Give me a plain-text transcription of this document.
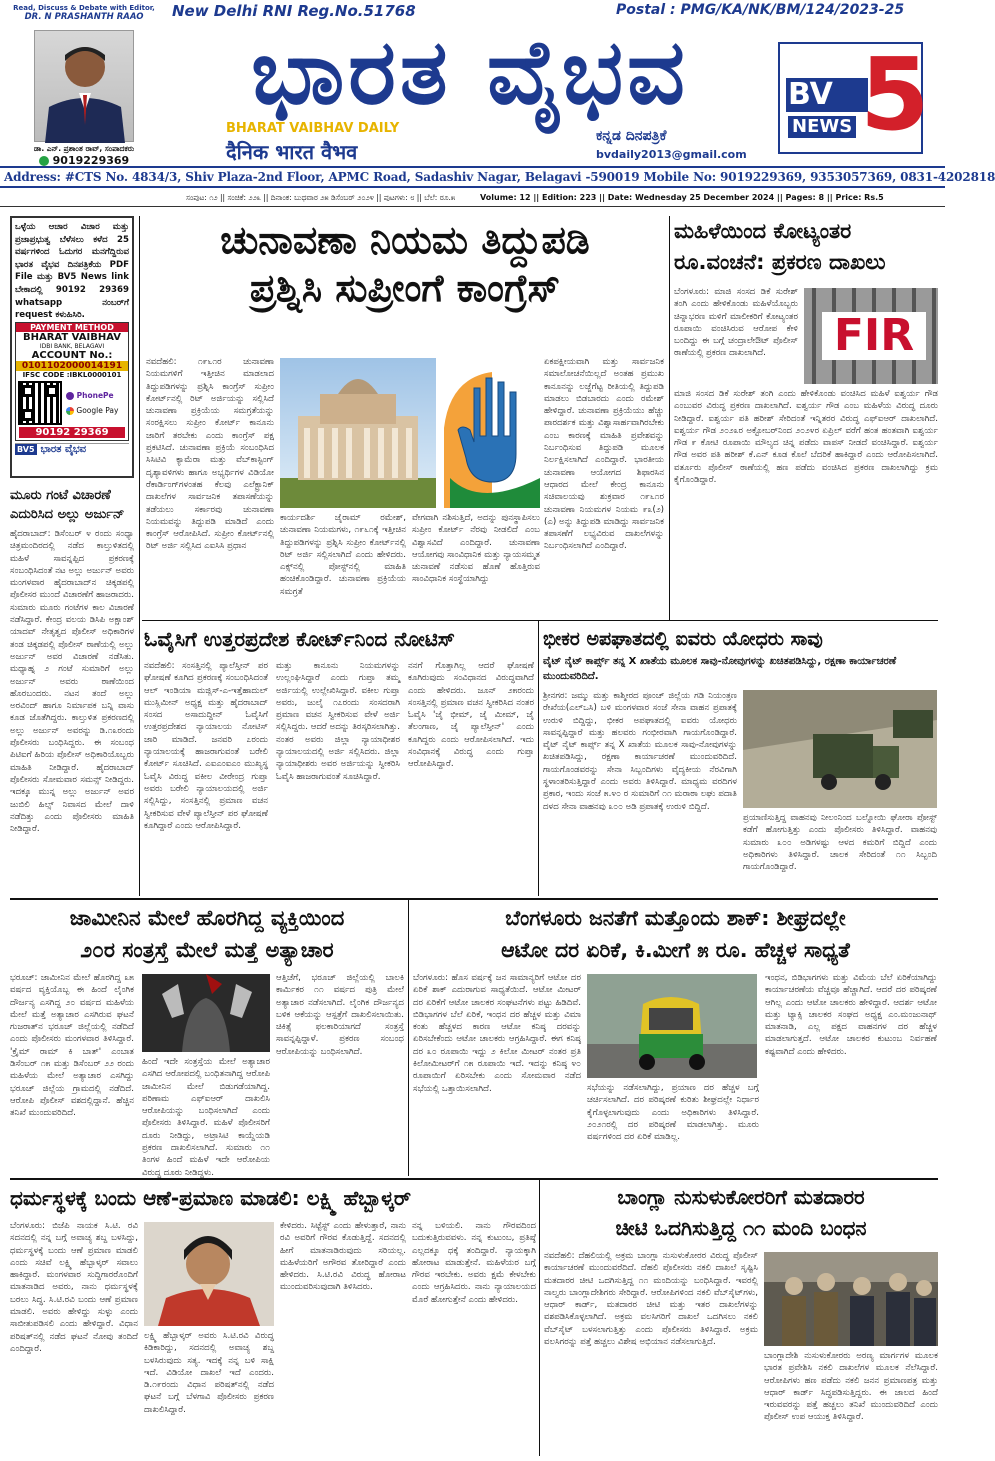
Read, Discuss & Debate with Editor,
DR. N PRASHANTH RAAO
ಡಾ. ಎನ್. ಪ್ರಶಾಂತ ರಾವ್, ಸಂಪಾದಕರು
9019229369
New Delhi RNI Reg.No.51768	Postal : PMG/KA/NK/BM/124/2023-25
ಭಾರತ ವೈಭವ
BHARAT VAIBHAV DAILY
दैनिक भारत वैभव
ಕನ್ನಡ ದಿನಪತ್ರಿಕೆ
bvdaily2013@gmail.com
BV 5
NEWS
Address: #CTS No. 4834/3, Shiv Plaza-2nd Floor, APMC Road, Sadashiv Nagar, Belagavi -590019 Mobile No: 9019229369, 9353057369, 0831-4202818
ಸಂಪುಟ: ೧೨ || ಸಂಚಿಕೆ: ೨೨೩ || ದಿನಾಂಕ: ಬುಧವಾರ ೨೫ ಡಿಸೆಂಬರ್ ೨೦೨೪ || ಪುಟಗಳು: ೮ || ಬೆಲೆ: ರೂ.೫	Volume: 12 || Edition: 223 || Date: Wednesday 25 December 2024 || Pages: 8 || Price: Rs.5
ಒಳ್ಳೆಯ ಆಚಾರ ವಿಚಾರ ಮತ್ತು ಪ್ರಜಾಪ್ರಭುತ್ವ ಬೆಳೆಸಲು ಕಳೆದ 25 ವರ್ಷಗಳಿಂದ ಓದುಗರ ಮನಗೆದ್ದಿರುವ ಭಾರತ ವೈಭವ ದಿನಪತ್ರಿಕೆಯ PDF File ಮತ್ತು BV5 News link ಬೇಕಾದಲ್ಲಿ 90192 29369 whatsapp ನಂಬರ್‌ಗೆ request ಕಳುಹಿಸಿರಿ.
PAYMENT METHOD
BHARAT VAIBHAV
IDBI BANK, BELAGAVI
ACCOUNT No.:
0101102000014191
IFSC CODE :IBKL0000101
PhonePe
Google Pay
90192 29369
BV5 ಭಾರತ ವೈಭವ
ಮೂರು ಗಂಟೆ ವಿಚಾರಣೆ
ಎದುರಿಸಿದ ಅಲ್ಲು ಅರ್ಜುನ್
ಹೈದರಾಬಾದ್: ಡಿಸೆಂಬರ್ ೪ ರಂದು ಸಂಧ್ಯಾ ಚಿತ್ರಮಂದಿರದಲ್ಲಿ ನಡೆದ ಕಾಲ್ತುಳಿತದಲ್ಲಿ ಮಹಿಳೆ ಸಾವನ್ನಪ್ಪಿದ ಪ್ರಕರಣಕ್ಕೆ ಸಂಬಂಧಿಸಿದಂತೆ ನಟ ಅಲ್ಲು ಅರ್ಜುನ್ ಅವರು ಮಂಗಳವಾರ ಹೈದರಾಬಾದ್‌ನ ಚಿಕ್ಕಡಪಲ್ಲಿ ಪೊಲೀಸರ ಮುಂದೆ ವಿಚಾರಣೆಗೆ ಹಾಜರಾದರು. ಸುಮಾರು ಮೂರು ಗಂಟೆಗಳ ಕಾಲ ವಿಚಾರಣೆ ನಡೆಸಿದ್ದಾರೆ. ಕೇಂದ್ರ ವಲಯ ಡಿಸಿಪಿ ಅಕ್ಷಾಂಶ್ ಯಾದವ್ ನೇತೃತ್ವದ ಪೊಲೀಸ್ ಅಧಿಕಾರಿಗಳ ತಂಡ ಚಿಕ್ಕಡಪಲ್ಲಿ ಪೊಲೀಸ್ ಠಾಣೆಯಲ್ಲಿ ಅಲ್ಲು ಅರ್ಜುನ್ ಅವರ ವಿಚಾರಣೆ ನಡೆಸಿತು. ಮಧ್ಯಾಹ್ನ ೨ ಗಂಟೆ ಸುಮಾರಿಗೆ ಅಲ್ಲು ಅರ್ಜುನ್ ಅವರು ಠಾಣೆಯಿಂದ ಹೊರಬಂದರು. ನಟನ ತಂದೆ ಅಲ್ಲು ಅರವಿಂದ್ ಹಾಗೂ ನಿರ್ಮಾಪಕ ಬನ್ನಿ ವಾಸು ಕೂಡ ಜೊತೆಗಿದ್ದರು. ಕಾಲ್ತುಳಿತ ಪ್ರಕರಣದಲ್ಲಿ ಅಲ್ಲು ಅರ್ಜುನ್ ಅವರನ್ನು ಡಿ.೧೩ರಂದು ಪೊಲೀಸರು ಬಂಧಿಸಿದ್ದರು. ಈ ಸಂಬಂಧ ಪಿಟಿಐಗೆ ಹಿರಿಯ ಪೊಲೀಸ್ ಅಧಿಕಾರಿಯೊಬ್ಬರು ಮಾಹಿತಿ ನೀಡಿದ್ದಾರೆ. ಹೈದರಾಬಾದ್ ಪೊಲೀಸರು ಸೋಮವಾರ ಸಮನ್ಸ್ ನೀಡಿದ್ದರು. ಇದಕ್ಕೂ ಮುನ್ನ ಅಲ್ಲು ಅರ್ಜುನ್ ಅವರ ಜುಬಿಲಿ ಹಿಲ್ಸ್ ನಿವಾಸದ ಮೇಲೆ ದಾಳಿ ನಡೆದಿತ್ತು ಎಂದು ಪೊಲೀಸರು ಮಾಹಿತಿ ನೀಡಿದ್ದಾರೆ.
ಚುನಾವಣಾ ನಿಯಮ ತಿದ್ದುಪಡಿ
ಪ್ರಶ್ನಿಸಿ ಸುಪ್ರೀಂಗೆ ಕಾಂಗ್ರೆಸ್
ನವದೆಹಲಿ: ೧೯೬೧ರ ಚುನಾವಣಾ ನಿಯಮಗಳಿಗೆ ಇತ್ತೀಚಿನ ಮಾಡಲಾದ ತಿದ್ದುಪಡಿಗಳನ್ನು ಪ್ರಶ್ನಿಸಿ ಕಾಂಗ್ರೆಸ್ ಸುಪ್ರೀಂ ಕೋರ್ಟ್‌ನಲ್ಲಿ ರಿಟ್ ಅರ್ಜಿಯನ್ನು ಸಲ್ಲಿಸಿದೆ ಚುನಾವಣಾ ಪ್ರಕ್ರಿಯೆಯ ಸಮಗ್ರತೆಯನ್ನು ಸಂರಕ್ಷಿಸಲು ಸುಪ್ರೀಂ ಕೋರ್ಟ್ ಕಾನೂನು ಜಾರಿಗೆ ತರಬೇಕು ಎಂದು ಕಾಂಗ್ರೆಸ್ ಪಕ್ಷ ಪ್ರಕಟಿಸಿದೆ. ಚುನಾವಣಾ ಪ್ರಕ್ರಿಯೆ ಸಂಬಂಧಿಸಿದ ಸಿಸಿಟಿವಿ ಕ್ಯಾಮೆರಾ ಮತ್ತು ವೆಬ್‌ಕಾಸ್ಟಿಂಗ್ ದೃಶ್ಯಾವಳಿಗಳು ಹಾಗೂ ಅಭ್ಯರ್ಥಿಗಳ ವಿಡಿಯೋ ರೆಕಾರ್ಡಿಂಗ್‌ಗಳಂತಹ ಕೆಲವು ಎಲೆಕ್ಟ್ರಾನಿಕ್ ದಾಖಲೆಗಳ ಸಾರ್ವಜನಿಕ ತಪಾಸಣೆಯನ್ನು ತಡೆಯಲು ಸರ್ಕಾರವು ಚುನಾವಣಾ ನಿಯಮವನ್ನು ತಿದ್ದುಪಡಿ ಮಾಡಿದೆ ಎಂದು ಕಾಂಗ್ರೆಸ್ ಆರೋಪಿಸಿದೆ. ಸುಪ್ರೀಂ ಕೋರ್ಟ್‌ನಲ್ಲಿ ರಿಟ್ ಅರ್ಜಿ ಸಲ್ಲಿಸಿದ ಎಐಸಿಸಿ ಪ್ರಧಾನ
ಕಾರ್ಯದರ್ಶಿ ಜೈರಾಮ್ ರಮೇಶ್, ಚುನಾವಣಾ ನಿಯಮಗಳು, ೧೯೬೧ಕ್ಕೆ ಇತ್ತೀಚಿನ ತಿದ್ದುಪಡಿಗಳನ್ನು ಪ್ರಶ್ನಿಸಿ ಸುಪ್ರೀಂ ಕೋರ್ಟ್‌ನಲ್ಲಿ ರಿಟ್ ಅರ್ಜಿ ಸಲ್ಲಿಸಲಾಗಿದೆ ಎಂದು ಹೇಳಿದರು. ಎಕ್ಸ್‌ನಲ್ಲಿ ಪೋಸ್ಟ್‌ನಲ್ಲಿ ಮಾಹಿತಿ ಹಂಚಿಕೊಂಡಿದ್ದಾರೆ. ಚುನಾವಣಾ ಪ್ರಕ್ರಿಯೆಯ ಸಮಗ್ರತೆ
ವೇಗವಾಗಿ ನಶಿಸುತ್ತಿದೆ, ಅದನ್ನು ಪುನಸ್ಥಾಪಿಸಲು ಸುಪ್ರೀಂ ಕೋರ್ಟ್ ನೆರವು ನೀಡಲಿದೆ ಎಂಬ ವಿಶ್ವಾಸವಿದೆ ಎಂದಿದ್ದಾರೆ. ಚುನಾವಣಾ ಆಯೋಗವು ಸಾಂವಿಧಾನಿಕ ಮತ್ತು ನ್ಯಾಯಸಮ್ಮತ ಚುನಾವಣೆ ನಡೆಸುವ ಹೊಣೆ ಹೊತ್ತಿರುವ ಸಾಂವಿಧಾನಿಕ ಸಂಸ್ಥೆಯಾಗಿದ್ದು
ಏಕಪಕ್ಷೀಯವಾಗಿ ಮತ್ತು ಸಾರ್ವಜನಿಕ ಸಮಾಲೋಚನೆಯಿಲ್ಲದೆ ಅಂತಹ ಪ್ರಮುಖ ಕಾನೂನನ್ನು ಲಜ್ಜೆಗೆಟ್ಟ ರೀತಿಯಲ್ಲಿ ತಿದ್ದುಪಡಿ ಮಾಡಲು ಬಿಡಬಾರದು ಎಂದು ರಮೇಶ್ ಹೇಳಿದ್ದಾರೆ. ಚುನಾವಣಾ ಪ್ರಕ್ರಿಯೆಯು ಹೆಚ್ಚು ಪಾರದರ್ಶಕ ಮತ್ತು ವಿಶ್ವಾಸಾರ್ಹವಾಗಿರಬೇಕು ಎಂಬ ಕಾರಣಕ್ಕೆ ಮಾಹಿತಿ ಪ್ರವೇಶವನ್ನು ನಿರ್ಬಂಧಿಸುವ ತಿದ್ದುಪಡಿ ಮೂಲಕ ನಿರ್ಲಕ್ಷಿಸಲಾಗಿದೆ ಎಂದಿದ್ದಾರೆ. ಭಾರತೀಯ ಚುನಾವಣಾ ಆಯೋಗದ ಶಿಫಾರಸಿನ ಆಧಾರದ ಮೇಲೆ ಕೇಂದ್ರ ಕಾನೂನು ಸಚಿವಾಲಯವು ಶುಕ್ರವಾರ ೧೯೬೧ರ ಚುನಾವಣಾ ನಿಯಮಗಳ ನಿಯಮ ೯೩(೨)(ಎ) ಅನ್ನು ತಿದ್ದುಪಡಿ ಮಾಡಿದ್ದು ಸಾರ್ವಜನಿಕ ತಪಾಸಣೆಗೆ ಲಭ್ಯವಿರುವ ದಾಖಲೆಗಳನ್ನು ನಿರ್ಬಂಧಿಸಲಾಗಿದೆ ಎಂದಿದ್ದಾರೆ.
ಮಹಿಳೆಯಿಂದ ಕೋಟ್ಯಂತರ
ರೂ.ವಂಚನೆ: ಪ್ರಕರಣ ದಾಖಲು
ಬೆಂಗಳೂರು: ಮಾಜಿ ಸಂಸದ ಡಿಕೆ ಸುರೇಶ್ ತಂಗಿ ಎಂದು ಹೇಳಿಕೊಂಡು ಮಹಿಳೆಯೊಬ್ಬರು ಚಿನ್ನಾಭರಣ ಮಳಿಗೆ ಮಾಲೀಕರಿಗೆ ಕೋಟ್ಯಂತರ ರೂಪಾಯಿ ವಂಚಿಸಿರುವ ಆರೋಪ ಕೇಳಿ ಬಂದಿದ್ದು ಈ ಬಗ್ಗೆ ಚಂದ್ರಾಲೇಔಟ್ ಪೊಲೀಸ್ ಠಾಣೆಯಲ್ಲಿ ಪ್ರಕರಣ ದಾಖಲಾಗಿದೆ.	FIR
ಮಾಜಿ ಸಂಸದ ಡಿಕೆ ಸುರೇಶ್ ತಂಗಿ ಎಂದು ಹೇಳಿಕೊಂಡು ವಂಚಿಸಿದ ಮಹಿಳೆ ಐಶ್ವರ್ಯ ಗೌಡ ಎಂಬುವರ ವಿರುದ್ಧ ಪ್ರಕರಣ ದಾಖಲಾಗಿದೆ. ಐಶ್ವರ್ಯ ಗೌಡ ಎಂಬ ಮಹಿಳೆಯ ವಿರುದ್ಧ ದೂರು ನೀಡಿದ್ದಾರೆ. ಐಶ್ವರ್ಯ ಪತಿ ಹರೀಶ್ ಸೇರಿದಂತೆ ಇನ್ನಿತರರ ವಿರುದ್ಧ ಎಫ್‌ಐಆರ್ ದಾಖಲಾಗಿದೆ. ಐಶ್ವರ್ಯ ಗೌಡ ೨೦೨೩ರ ಅಕ್ಟೋಬರ್‌ನಿಂದ ೨೦೨೪ರ ಏಪ್ರಿಲ್ ವರೆಗೆ ಹಂತ ಹಂತವಾಗಿ ಐಶ್ವರ್ಯ ಗೌಡ ೯ ಕೋಟಿ ರೂಪಾಯಿ ಮೌಲ್ಯದ ಚಿನ್ನ ಪಡೆದು ವಾಪಸ್ ನೀಡದೆ ವಂಚಿಸಿದ್ದಾರೆ. ಐಶ್ವರ್ಯ ಗೌಡ ಅವರ ಪತಿ ಹರೀಶ್ ಕೆ.ಎನ್ ಕೂಡ ಕೊಲೆ ಬೆದರಿಕೆ ಹಾಕಿದ್ದಾರೆ ಎಂದು ಆರೋಪಿಸಲಾಗಿದೆ. ವರ್ತೂರು ಪೊಲೀಸ್ ಠಾಣೆಯಲ್ಲಿ ಹಣ ಪಡೆದು ವಂಚಿಸಿದ ಪ್ರಕರಣ ದಾಖಲಾಗಿದ್ದು ಕ್ರಮ ಕೈಗೊಂಡಿದ್ದಾರೆ.
ಓವೈಸಿಗೆ ಉತ್ತರಪ್ರದೇಶ ಕೋರ್ಟ್‌ನಿಂದ ನೋಟಿಸ್
ನವದೆಹಲಿ: ಸಂಸತ್ತಿನಲ್ಲಿ ಪ್ಯಾಲೆಸ್ತೀನ್ ಪರ ಘೋಷಣೆ ಕೂಗಿದ ಪ್ರಕರಣಕ್ಕೆ ಸಂಬಂಧಿಸಿದಂತೆ ಆಲ್ ಇಂಡಿಯಾ ಮಜ್ಲಿಸ್-ಎ-ಇತ್ತೆಹಾದುಲ್ ಮುಸ್ಲಿಮೀನ್ ಅಧ್ಯಕ್ಷ ಮತ್ತು ಹೈದರಾಬಾದ್ ಸಂಸದ ಅಸಾದುದ್ದೀನ್ ಓವೈಸಿಗೆ ಉತ್ತರಪ್ರದೇಶದ ನ್ಯಾಯಾಲಯ ನೋಟಿಸ್ ಜಾರಿ ಮಾಡಿದೆ. ಜನವರಿ ೭ರಂದು ನ್ಯಾಯಾಲಯಕ್ಕೆ ಹಾಜರಾಗುವಂತೆ ಬರೇಲಿ ಕೋರ್ಟ್ ಸೂಚಿಸಿದೆ. ಎಐಎಂಐಎಂ ಮುಖ್ಯಸ್ಥ ಓವೈಸಿ ವಿರುದ್ಧ ವಕೀಲ ವೀರೇಂದ್ರ ಗುಪ್ತಾ ಅವರು ಬರೇಲಿ ನ್ಯಾಯಾಲಯದಲ್ಲಿ ಅರ್ಜಿ ಸಲ್ಲಿಸಿದ್ದು, ಸಂಸತ್ತಿನಲ್ಲಿ ಪ್ರಮಾಣ ವಚನ ಸ್ವೀಕರಿಸುವ ವೇಳೆ ಪ್ಯಾಲೆಸ್ತೀನ್ ಪರ ಘೋಷಣೆ ಕೂಗಿದ್ದಾರೆ ಎಂದು ಆರೋಪಿಸಿದ್ದಾರೆ.
ಮತ್ತು ಕಾನೂನು ನಿಯಮಗಳನ್ನು ಉಲ್ಲಂಘಿಸಿದ್ದಾರೆ ಎಂದು ಗುಪ್ತಾ ತಮ್ಮ ಅರ್ಜಿಯಲ್ಲಿ ಉಲ್ಲೇಖಿಸಿದ್ದಾರೆ. ವಕೀಲ ಗುಪ್ತಾ ಅವರು, ಜುಲೈ ೧೭ರಂದು ಸಂಸದರಾಗಿ ಪ್ರಮಾಣ ವಚನ ಸ್ವೀಕರಿಸುವ ವೇಳೆ ಅರ್ಜಿ ಸಲ್ಲಿಸಿದ್ದರು. ಆದರೆ ಅದನ್ನು ತಿರಸ್ಕರಿಸಲಾಗಿತ್ತು. ನಂತರ ಅವರು ಜಿಲ್ಲಾ ನ್ಯಾಯಾಧೀಶರ ನ್ಯಾಯಾಲಯದಲ್ಲಿ ಅರ್ಜಿ ಸಲ್ಲಿಸಿದರು. ಜಿಲ್ಲಾ ನ್ಯಾಯಾಧೀಶರು ಅವರ ಅರ್ಜಿಯನ್ನು ಸ್ವೀಕರಿಸಿ ಓವೈಸಿ ಹಾಜರಾಗುವಂತೆ ಸೂಚಿಸಿದ್ದಾರೆ.
ನನಗೆ ಗೊತ್ತಾಗಿಲ್ಲ ಆದರೆ ಘೋಷಣೆ ಕೂಗಿರುವುದು ಸಂವಿಧಾನದ ವಿರುದ್ಧವಾಗಿದೆ ಎಂದು ಹೇಳಿದರು. ಜೂನ್ ೨೫ರಂದು ಸಂಸತ್ತಿನಲ್ಲಿ ಪ್ರಮಾಣ ವಚನ ಸ್ವೀಕರಿಸಿದ ನಂತರ ಓವೈಸಿ 'ಜೈ ಭೀಮ್, ಜೈ ಮೀಮ್, ಜೈ ತೆಲಂಗಾಣ, ಜೈ ಪ್ಯಾಲೆಸ್ತೀನ್' ಎಂದು ಕೂಗಿದ್ದರು ಎಂದು ಆರೋಪಿಸಲಾಗಿದೆ. ಇದು ಸಂವಿಧಾನಕ್ಕೆ ವಿರುದ್ಧ ಎಂದು ಗುಪ್ತಾ ಆರೋಪಿಸಿದ್ದಾರೆ.
ಭೀಕರ ಅಪಘಾತದಲ್ಲಿ ಐವರು ಯೋಧರು ಸಾವು
ವೈಟ್ ನೈಟ್ ಕಾರ್ಪ್ಸ್ ತನ್ನ X ಖಾತೆಯ ಮೂಲಕ ಸಾವು-ನೋವುಗಳನ್ನು ಖಚಿತಪಡಿಸಿದ್ದು, ರಕ್ಷಣಾ ಕಾರ್ಯಾಚರಣೆ ಮುಂದುವರಿದಿದೆ.
ಶ್ರೀನಗರ: ಜಮ್ಮು ಮತ್ತು ಕಾಶ್ಮೀರದ ಪೂಂಚ್ ಜಿಲ್ಲೆಯ ಗಡಿ ನಿಯಂತ್ರಣ ರೇಖೆಯ(ಎಲ್‌ಒಸಿ) ಬಳಿ ಮಂಗಳವಾರ ಸಂಜೆ ಸೇನಾ ವಾಹನ ಪ್ರಪಾತಕ್ಕೆ ಉರುಳಿ ಬಿದ್ದಿದ್ದು, ಭೀಕರ ಅಪಘಾತದಲ್ಲಿ ಐವರು ಯೋಧರು ಸಾವನ್ನಪ್ಪಿದ್ದಾರೆ ಮತ್ತು ಹಲವರು ಗಂಭೀರವಾಗಿ ಗಾಯಗೊಂಡಿದ್ದಾರೆ. ವೈಟ್ ನೈಟ್ ಕಾರ್ಪ್ಸ್ ತನ್ನ X ಖಾತೆಯ ಮೂಲಕ ಸಾವು-ನೋವುಗಳನ್ನು ಖಚಿತಪಡಿಸಿದ್ದು, ರಕ್ಷಣಾ ಕಾರ್ಯಾಚರಣೆ ಮುಂದುವರಿದಿದೆ. ಗಾಯಗೊಂಡವರನ್ನು ಸೇನಾ ಸಿಬ್ಬಂದಿಗಳು ವೈದ್ಯಕೀಯ ನೆರವಿಗಾಗಿ ಸ್ಥಳಾಂತರಿಸುತ್ತಿದ್ದಾರೆ ಎಂದು ಅವರು ತಿಳಿಸಿದ್ದಾರೆ. ಮಾಧ್ಯಮ ವರದಿಗಳ ಪ್ರಕಾರ, ಇಂದು ಸಂಜೆ ೫.೪೦ ರ ಸುಮಾರಿಗೆ ೧೧ ಮರಾಠಾ ಲಘು ಪದಾತಿ ದಳದ ಸೇನಾ ವಾಹನವು ೩೦೦ ಅಡಿ ಪ್ರಪಾತಕ್ಕೆ ಉರುಳಿ ಬಿದ್ದಿದೆ.
ಪ್ರಯಾಣಿಸುತ್ತಿದ್ದ ವಾಹನವು ನೀಲಂನಿಂದ ಬಲ್ನೋಯಿ ಘೋರಾ ಪೋಸ್ಟ್ ಕಡೆಗೆ ಹೋಗುತ್ತಿತ್ತು ಎಂದು ಪೊಲೀಸರು ತಿಳಿಸಿದ್ದಾರೆ. ವಾಹನವು ಸುಮಾರು ೩೦೦ ಅಡಿಗಳಷ್ಟು ಆಳದ ಕಮರಿಗೆ ಬಿದ್ದಿದೆ ಎಂದು ಅಧಿಕಾರಿಗಳು ತಿಳಿಸಿದ್ದಾರೆ. ಚಾಲಕ ಸೇರಿದಂತೆ ೧೧ ಸಿಬ್ಬಂದಿ ಗಾಯಗೊಂಡಿದ್ದಾರೆ.
ಜಾಮೀನಿನ ಮೇಲೆ ಹೊರಗಿದ್ದ ವ್ಯಕ್ತಿಯಿಂದ
೨೦ರ ಸಂತ್ರಸ್ತೆ ಮೇಲೆ ಮತ್ತೆ ಅತ್ಯಾಚಾರ
ಭರೂಚ್: ಜಾಮೀನಿನ ಮೇಲೆ ಹೊರಗಿದ್ದ ೩೫ ವರ್ಷದ ವ್ಯಕ್ತಿಯೊಬ್ಬ ಈ ಹಿಂದೆ ಲೈಂಗಿಕ ದೌರ್ಜನ್ಯ ಎಸಗಿದ್ದ ೨೦ ವರ್ಷದ ಮಹಿಳೆಯ ಮೇಲೆ ಮತ್ತೆ ಅತ್ಯಾಚಾರ ಎಸಗಿರುವ ಘಟನೆ ಗುಜರಾತ್‌ನ ಭರೂಚ್ ಜಿಲ್ಲೆಯಲ್ಲಿ ನಡೆದಿದೆ ಎಂದು ಪೊಲೀಸರು ಮಂಗಳವಾರ ತಿಳಿಸಿದ್ದಾರೆ. 'ಕ್ರೈಮ್ ರಾಮ್ ಕಿ ಬಾತ್' ಎಂಬಾತ ಡಿಸೆಂಬರ್ ೧೫ ಮತ್ತು ಡಿಸೆಂಬರ್ ೨೨ ರಂದು ಮಹಿಳೆಯ ಮೇಲೆ ಅತ್ಯಾಚಾರ ಎಸಗಿದ್ದು ಭರೂಚ್ ಜಿಲ್ಲೆಯ ಗ್ರಾಮದಲ್ಲಿ ನಡೆದಿದೆ. ಆರೋಪಿ ಪೊಲೀಸ್ ವಶದಲ್ಲಿದ್ದಾನೆ. ಹೆಚ್ಚಿನ ತನಿಖೆ ಮುಂದುವರಿದಿದೆ.
ಹಿಂದೆ ಇದೇ ಸಂತ್ರಸ್ತೆಯ ಮೇಲೆ ಅತ್ಯಾಚಾರ ಎಸಗಿದ ಆರೋಪದಲ್ಲಿ ಬಂಧಿತನಾಗಿದ್ದ ಆರೋಪಿ ಜಾಮೀನಿನ ಮೇಲೆ ಬಿಡುಗಡೆಯಾಗಿದ್ದ. ಪರಿಣಾಮ ಎಫ್‌ಐಆರ್ ದಾಖಲಿಸಿ ಆರೋಪಿಯನ್ನು ಬಂಧಿಸಲಾಗಿದೆ ಎಂದು ಪೊಲೀಸರು ತಿಳಿಸಿದ್ದಾರೆ. ಮಹಿಳೆ ಪೊಲೀಸರಿಗೆ ದೂರು ನೀಡಿದ್ದು, ಅಟ್ರಾಸಿಟಿ ಕಾಯ್ದೆಯಡಿ ಪ್ರಕರಣ ದಾಖಲಿಸಲಾಗಿದೆ. ಸುಮಾರು ೧೧ ತಿಂಗಳ ಹಿಂದೆ ಮಹಿಳೆ ಇದೇ ಆರೋಪಿಯ ವಿರುದ್ಧ ದೂರು ನೀಡಿದ್ದಳು.
ಆತ್ತಿಚೆಗೆ, ಭರೂಚ್ ಜಿಲ್ಲೆಯಲ್ಲಿ ಬಾಲಕಿ ಕಾರ್ಮಿಕರ ೧೧ ವರ್ಷದ ಪುತ್ರಿ ಮೇಲೆ ಅತ್ಯಾಚಾರ ನಡೆಸಲಾಗಿದೆ. ಲೈಂಗಿಕ ದೌರ್ಜನ್ಯದ ಬಳಿಕ ಆಕೆಯನ್ನು ಆಸ್ಪತ್ರೆಗೆ ದಾಖಲಿಸಲಾಯಿತು. ಚಿಕಿತ್ಸೆ ಫಲಕಾರಿಯಾಗದೆ ಸಂತ್ರಸ್ತೆ ಸಾವನ್ನಪ್ಪಿದ್ದಾಳೆ. ಪ್ರಕರಣ ಸಂಬಂಧ ಆರೋಪಿಯನ್ನು ಬಂಧಿಸಲಾಗಿದೆ.
ಬೆಂಗಳೂರು ಜನತೆಗೆ ಮತ್ತೊಂದು ಶಾಕ್: ಶೀಘ್ರದಲ್ಲೇ
ಆಟೋ ದರ ಏರಿಕೆ, ಕಿ.ಮೀಗೆ ೫ ರೂ. ಹೆಚ್ಚಳ ಸಾಧ್ಯತೆ
ಬೆಂಗಳೂರು: ಹೊಸ ವರ್ಷಕ್ಕೆ ಜನ ಸಾಮಾನ್ಯರಿಗೆ ಆಟೋ ದರ ಏರಿಕೆ ಶಾಕ್ ಎದುರಾಗುವ ಸಾಧ್ಯತೆಯಿದೆ. ಆಟೋ ಮೀಟರ್ ದರ ಏರಿಕೆಗೆ ಆಟೋ ಚಾಲಕರ ಸಂಘಟನೆಗಳು ಪಟ್ಟು ಹಿಡಿದಿವೆ. ಬಿಡಿಭಾಗಗಳ ಬೆಲೆ ಏರಿಕೆ, ಇಂಧನ ದರ ಹೆಚ್ಚಳ ಮತ್ತು ವಿಮಾ ಕಂತು ಹೆಚ್ಚಳದ ಕಾರಣ ಆಟೋ ಕನಿಷ್ಠ ದರವನ್ನು ಏರಿಸಬೇಕೆಂದು ಆಟೋ ಚಾಲಕರು ಆಗ್ರಹಿಸಿದ್ದಾರೆ. ಈಗ ಕನಿಷ್ಠ ದರ ೩೦ ರೂಪಾಯಿ ಇದ್ದು ೨ ಕಿಲೋ ಮೀಟರ್ ನಂತರ ಪ್ರತಿ ಕಿಲೋಮೀಟರ್‌ಗೆ ೧೫ ರೂಪಾಯಿ ಇದೆ. ಇದನ್ನು ಕನಿಷ್ಠ ೪೦ ರೂಪಾಯಿಗೆ ಏರಿಸಬೇಕು ಎಂದು ಸೋಮವಾರ ನಡೆದ ಸಭೆಯಲ್ಲಿ ಒತ್ತಾಯಿಸಲಾಗಿದೆ.
ಇಂಧನ, ಬಿಡಿಭಾಗಗಳು ಮತ್ತು ವಿಮೆಯ ಬೆಲೆ ಏರಿಕೆಯಾಗಿದ್ದು ಕಾರ್ಯಾಚರಣೆಯ ವೆಚ್ಚವೂ ಹೆಚ್ಚಾಗಿದೆ. ಆದರೆ ದರ ಪರಿಷ್ಕರಣೆ ಆಗಿಲ್ಲ ಎಂದು ಆಟೋ ಚಾಲಕರು ಹೇಳಿದ್ದಾರೆ. ಆದರ್ಶ ಆಟೋ ಮತ್ತು ಟ್ಯಾಕ್ಸಿ ಚಾಲಕರ ಸಂಘದ ಅಧ್ಯಕ್ಷ ಎಂ.ಮಂಜುನಾಥ್ ಮಾತನಾಡಿ, ಎಲ್ಲ ಪಕ್ಷದ ವಾಹನಗಳ ದರ ಹೆಚ್ಚಳ ಮಾಡಲಾಗುತ್ತದೆ. ಆಟೋ ಚಾಲಕರ ಕುಟುಂಬ ನಿರ್ವಹಣೆ ಕಷ್ಟವಾಗಿದೆ ಎಂದು ಹೇಳಿದರು.
ಸಭೆಯನ್ನು ನಡೆಸಲಾಗಿದ್ದು, ಪ್ರಯಾಣ ದರ ಹೆಚ್ಚಳ ಬಗ್ಗೆ ಚರ್ಚಿಸಲಾಗಿದೆ. ದರ ಪರಿಷ್ಕರಣೆ ಕುರಿತು ಶೀಘ್ರದಲ್ಲೇ ನಿರ್ಧಾರ ಕೈಗೊಳ್ಳಲಾಗುವುದು ಎಂದು ಅಧಿಕಾರಿಗಳು ತಿಳಿಸಿದ್ದಾರೆ. ೨೦೨೧ರಲ್ಲಿ ದರ ಪರಿಷ್ಕರಣೆ ಮಾಡಲಾಗಿತ್ತು. ಮೂರು ವರ್ಷಗಳಿಂದ ದರ ಏರಿಕೆ ಮಾಡಿಲ್ಲ.
ಧರ್ಮಸ್ಥಳಕ್ಕೆ ಬಂದು ಆಣೆ-ಪ್ರಮಾಣ ಮಾಡಲಿ: ಲಕ್ಷ್ಮಿ ಹೆಬ್ಬಾಳ್ಕರ್
ಬೆಂಗಳೂರು: ಬಿಜೆಪಿ ನಾಯಕ ಸಿ.ಟಿ. ರವಿ ಸದನದಲ್ಲಿ ನನ್ನ ಬಗ್ಗೆ ಅವಾಚ್ಯ ಶಬ್ದ ಬಳಸಿದ್ದು, ಧರ್ಮಸ್ಥಳಕ್ಕೆ ಬಂದು ಆಣೆ ಪ್ರಮಾಣ ಮಾಡಲಿ ಎಂದು ಸಚಿವೆ ಲಕ್ಷ್ಮಿ ಹೆಬ್ಬಾಳ್ಕರ್ ಸವಾಲು ಹಾಕಿದ್ದಾರೆ. ಮಂಗಳವಾರ ಸುದ್ದಿಗಾರರೊಂದಿಗೆ ಮಾತನಾಡಿದ ಅವರು, ನಾನು ಧರ್ಮಸ್ಥಳಕ್ಕೆ ಬರಲು ಸಿದ್ಧ. ಸಿ.ಟಿ.ರವಿ ಬಂದು ಆಣೆ ಪ್ರಮಾಣ ಮಾಡಲಿ. ಅವರು ಹೇಳಿದ್ದು ಸುಳ್ಳು ಎಂದು ಸಾಬೀತುಪಡಿಸಲಿ ಎಂದು ಹೇಳಿದ್ದಾರೆ. ವಿಧಾನ ಪರಿಷತ್‌ನಲ್ಲಿ ನಡೆದ ಘಟನೆ ನೋವು ತಂದಿದೆ ಎಂದಿದ್ದಾರೆ.
ಲಕ್ಷ್ಮಿ ಹೆಬ್ಬಾಳ್ಕರ್ ಅವರು ಸಿ.ಟಿ.ರವಿ ವಿರುದ್ಧ ಕಿಡಿಕಾರಿದ್ದು, ಸದನದಲ್ಲಿ ಅವಾಚ್ಯ ಶಬ್ದ ಬಳಸಿರುವುದು ಸತ್ಯ. ಇದಕ್ಕೆ ನನ್ನ ಬಳಿ ಸಾಕ್ಷಿ ಇದೆ. ವಿಡಿಯೋ ದಾಖಲೆ ಇದೆ ಎಂದರು. ಡಿ.೧೯ರಂದು ವಿಧಾನ ಪರಿಷತ್‌ನಲ್ಲಿ ನಡೆದ ಘಟನೆ ಬಗ್ಗೆ ಬೆಳಗಾವಿ ಪೊಲೀಸರು ಪ್ರಕರಣ ದಾಖಲಿಸಿದ್ದಾರೆ.
ಕೇಳಿದರು. ಸಿಟ್ಟೆಸ್ಟ್ ಎಂದು ಹೇಳುತ್ತಾರೆ, ನಾನು ರವಿ ಅವರಿಗೆ ಗೌರವ ಕೊಡುತ್ತಿದ್ದೆ. ಸದನದಲ್ಲಿ ಹೀಗೆ ಮಾತನಾಡಿರುವುದು ಸರಿಯಲ್ಲ. ಮಹಿಳೆಯರಿಗೆ ಅಗೌರವ ತೋರಿದ್ದಾರೆ ಎಂದು ಹೇಳಿದರು. ಸಿ.ಟಿ.ರವಿ ವಿರುದ್ಧ ಹೋರಾಟ ಮುಂದುವರಿಸುವುದಾಗಿ ತಿಳಿಸಿದರು.
ನನ್ನ ಬಳಿಯಲಿ. ನಾನು ಗೌರವದಿಂದ ಬದುಕುತ್ತಿರುವವಳು. ನನ್ನ ಕುಟುಂಬ, ಪ್ರತಿಷ್ಠೆ ಎಲ್ಲದಕ್ಕೂ ಧಕ್ಕೆ ತಂದಿದ್ದಾರೆ. ನ್ಯಾಯಕ್ಕಾಗಿ ಹೋರಾಟ ಮಾಡುತ್ತೇನೆ. ಮಹಿಳೆಯರ ಬಗ್ಗೆ ಗೌರವ ಇರಬೇಕು. ಅವರು ಕ್ಷಮೆ ಕೇಳಬೇಕು ಎಂದು ಆಗ್ರಹಿಸಿದರು. ನಾನು ನ್ಯಾಯಾಲಯದ ಮೊರೆ ಹೋಗುತ್ತೇನೆ ಎಂದು ಹೇಳಿದರು.
ಬಾಂಗ್ಲಾ ನುಸುಳುಕೋರರಿಗೆ ಮತದಾರರ
ಚೀಟಿ ಒದಗಿಸುತ್ತಿದ್ದ ೧೧ ಮಂದಿ ಬಂಧನ
ನವದೆಹಲಿ: ದೆಹಲಿಯಲ್ಲಿ ಅಕ್ರಮ ಬಾಂಗ್ಲಾ ನುಸುಳುಕೋರರ ವಿರುದ್ಧ ಪೊಲೀಸ್ ಕಾರ್ಯಾಚರಣೆ ಮುಂದುವರೆದಿದೆ. ದೆಹಲಿ ಪೊಲೀಸರು ನಕಲಿ ದಾಖಲೆ ಸೃಷ್ಟಿಸಿ ಮತದಾರರ ಚೀಟಿ ಒದಗಿಸುತ್ತಿದ್ದ ೧೧ ಮಂದಿಯನ್ನು ಬಂಧಿಸಿದ್ದಾರೆ. ಇವರಲ್ಲಿ ನಾಲ್ವರು ಬಾಂಗ್ಲಾದೇಶಿಗರು ಸೇರಿದ್ದಾರೆ. ಆರೋಪಿಗಳಿಂದ ನಕಲಿ ವೆಬ್‌ಸೈಟ್‌ಗಳು, ಆಧಾರ್ ಕಾರ್ಡ್, ಮತದಾರರ ಚೀಟಿ ಮತ್ತು ಇತರ ದಾಖಲೆಗಳನ್ನು ವಶಪಡಿಸಿಕೊಳ್ಳಲಾಗಿದೆ. ಅಕ್ರಮ ವಲಸಿಗರಿಗೆ ದಾಖಲೆ ಒದಗಿಸಲು ನಕಲಿ ವೆಬ್‌ಸೈಟ್ ಬಳಸಲಾಗುತ್ತಿತ್ತು ಎಂದು ಪೊಲೀಸರು ತಿಳಿಸಿದ್ದಾರೆ. ಅಕ್ರಮ ವಲಸಿಗರನ್ನು ಪತ್ತೆ ಹಚ್ಚಲು ವಿಶೇಷ ಅಭಿಯಾನ ನಡೆಸಲಾಗುತ್ತಿದೆ.
ಬಾಂಗ್ಲಾದೇಶಿ ನುಸುಳುಕೋರರು ಅರಣ್ಯ ಮಾರ್ಗಗಳ ಮೂಲಕ ಭಾರತ ಪ್ರವೇಶಿಸಿ ನಕಲಿ ದಾಖಲೆಗಳ ಮೂಲಕ ನೆಲೆಸಿದ್ದಾರೆ. ಆರೋಪಿಗಳು ಹಣ ಪಡೆದು ನಕಲಿ ಜನನ ಪ್ರಮಾಣಪತ್ರ ಮತ್ತು ಆಧಾರ್ ಕಾರ್ಡ್ ಸಿದ್ಧಪಡಿಸುತ್ತಿದ್ದರು. ಈ ಜಾಲದ ಹಿಂದೆ ಇರುವವರನ್ನು ಪತ್ತೆ ಹಚ್ಚಲು ತನಿಖೆ ಮುಂದುವರಿದಿದೆ ಎಂದು ಪೊಲೀಸ್ ಉಪ ಆಯುಕ್ತ ತಿಳಿಸಿದ್ದಾರೆ.
